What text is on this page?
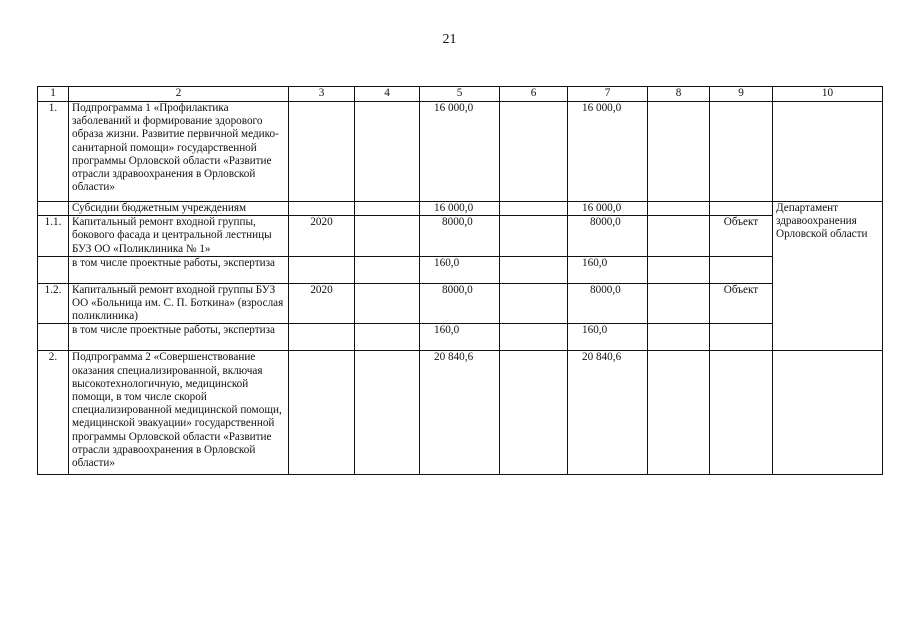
21
1	2	3	4	5	6	7	8	9	10
1.	Подпрограмма 1 «Профилактика заболеваний и формирование здорового образа жизни. Развитие первичной медико-санитарной помощи» государственной программы Орловской области «Развитие отрасли здравоохранения в Орловской области»			16 000,0		16 000,0			
	Субсидии бюджетным учреждениям			16 000,0		16 000,0			Департамент здравоохранения Орловской области
1.1.	Капитальный ремонт входной группы, бокового фасада и центральной лестницы БУЗ ОО «Поликлиника № 1»	2020		8000,0		8000,0		Объект	
	в том числе проектные работы, экспертиза			160,0		160,0			
1.2.	Капитальный ремонт входной группы БУЗ ОО «Больница им. С. П. Боткина» (взрослая поликлиника)	2020		8000,0		8000,0		Объект	
	в том числе проектные работы, экспертиза			160,0		160,0			
2.	Подпрограмма 2 «Совершенствование оказания специализированной, включая высокотехнологичную, медицинской помощи, в том числе скорой специализированной медицинской помощи, медицинской эвакуации» государственной программы Орловской области «Развитие отрасли здравоохранения в Орловской области»			20 840,6		20 840,6			
